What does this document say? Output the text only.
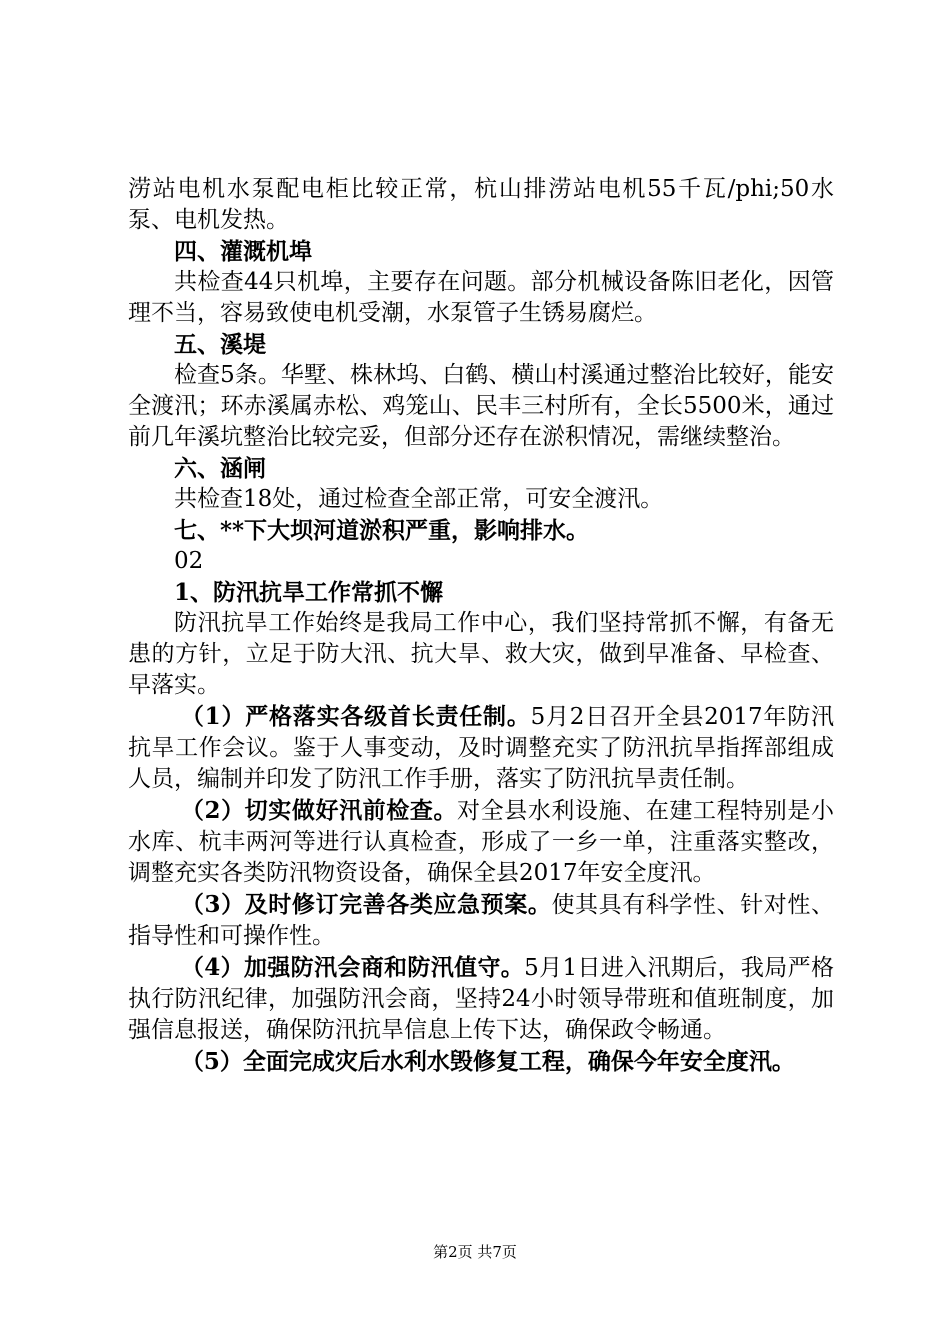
涝站电机水泵配电柜比较正常，杭山排涝站电机55千瓦/phi;50水泵、电机发热。

四、灌溉机埠

共检查44只机埠，主要存在问题。部分机械设备陈旧老化，因管理不当，容易致使电机受潮，水泵管子生锈易腐烂。

五、溪堤

检查5条。华墅、株林坞、白鹤、横山村溪通过整治比较好，能安全渡汛；环赤溪属赤松、鸡笼山、民丰三村所有，全长5500米，通过前几年溪坑整治比较完妥，但部分还存在淤积情况，需继续整治。

六、涵闸

共检查18处，通过检查全部正常，可安全渡汛。

七、**下大坝河道淤积严重，影响排水。

02

1、防汛抗旱工作常抓不懈

防汛抗旱工作始终是我局工作中心，我们坚持常抓不懈，有备无患的方针，立足于防大汛、抗大旱、救大灾，做到早准备、早检查、早落实。

（1）严格落实各级首长责任制。5月2日召开全县2017年防汛抗旱工作会议。鉴于人事变动，及时调整充实了防汛抗旱指挥部组成人员，编制并印发了防汛工作手册，落实了防汛抗旱责任制。

（2）切实做好汛前检查。对全县水利设施、在建工程特别是小水库、杭丰两河等进行认真检查，形成了一乡一单，注重落实整改，调整充实各类防汛物资设备，确保全县2017年安全度汛。

（3）及时修订完善各类应急预案。使其具有科学性、针对性、指导性和可操作性。

（4）加强防汛会商和防汛值守。5月1日进入汛期后，我局严格执行防汛纪律，加强防汛会商，坚持24小时领导带班和值班制度，加强信息报送，确保防汛抗旱信息上传下达，确保政令畅通。

（5）全面完成灾后水利水毁修复工程，确保今年安全度汛。

第2页 共7页
